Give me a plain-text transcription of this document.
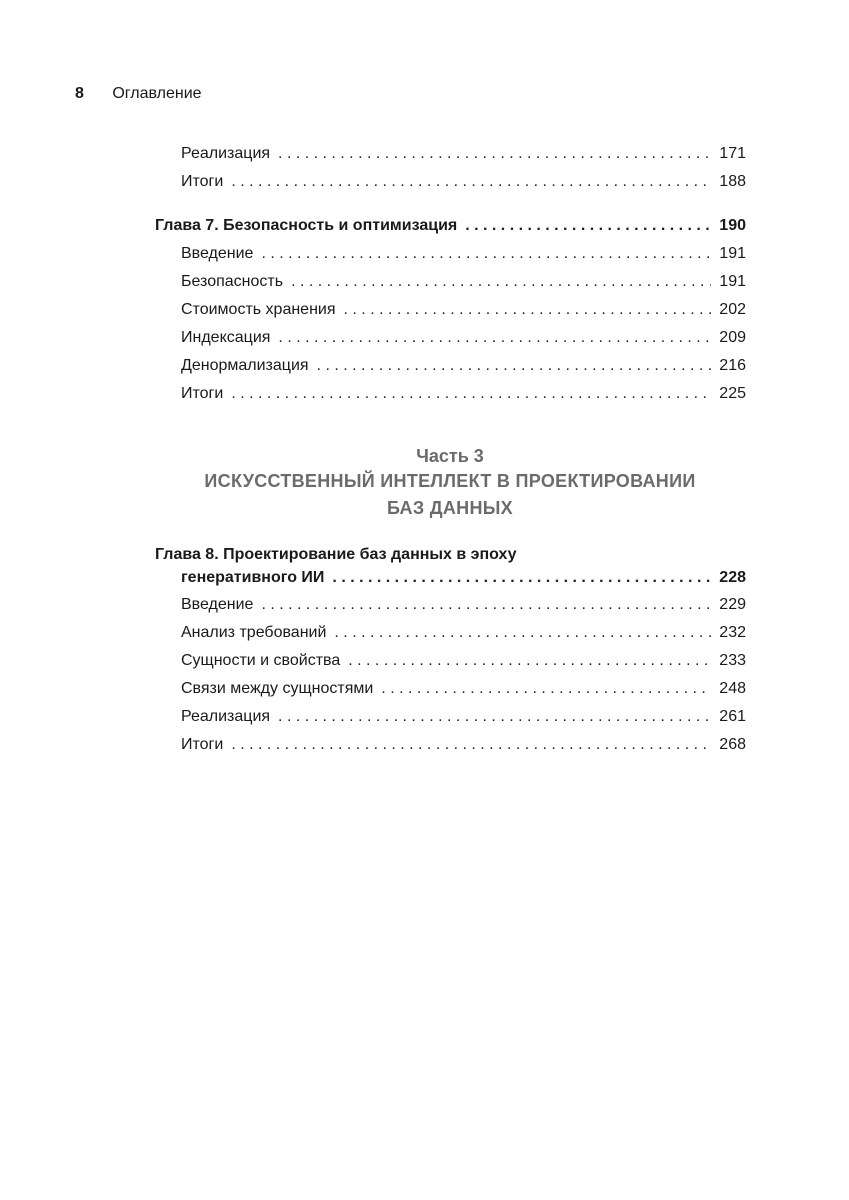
8 Оглавление
Реализация . . .	171
Итоги . . .	188
Глава 7. Безопасность и оптимизация . . .	190
Введение . . .	191
Безопасность . . .	191
Стоимость хранения . . .	202
Индексация . . .	209
Денормализация . . .	216
Итоги . . .	225
Часть 3
ИСКУССТВЕННЫЙ ИНТЕЛЛЕКТ В ПРОЕКТИРОВАНИИ
БАЗ ДАННЫХ
Глава 8. Проектирование баз данных в эпоху
генеративного ИИ . . .	228
Введение . . .	229
Анализ требований . . .	232
Сущности и свойства . . .	233
Связи между сущностями . . .	248
Реализация . . .	261
Итоги . . .	268
